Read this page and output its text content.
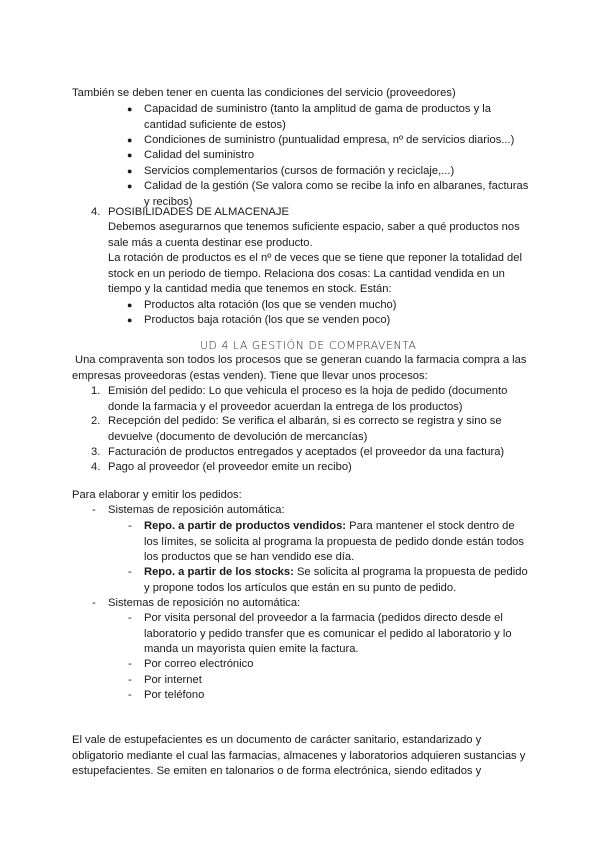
También se deben tener en cuenta las condiciones del servicio (proveedores)
● Capacidad de suministro (tanto la amplitud de gama de productos y la cantidad suficiente de estos)
● Condiciones de suministro (puntualidad empresa, nº de servicios diarios...)
● Calidad del suministro
● Servicios complementarios (cursos de formación y reciclaje,...)
● Calidad de la gestión (Se valora como se recibe la info en albaranes, facturas y recibos)
4. POSIBILIDADES DE ALMACENAJE
Debemos asegurarnos que tenemos suficiente espacio, saber a qué productos nos sale más a cuenta destinar ese producto.
La rotación de productos es el nº de veces que se tiene que reponer la totalidad del stock en un periodo de tiempo. Relaciona dos cosas: La cantidad vendida en un tiempo y la cantidad media que tenemos en stock. Están:
● Productos alta rotación (los que se venden mucho)
● Productos baja rotación (los que se venden poco)
UD 4 LA GESTIÓN DE COMPRAVENTA
Una compraventa son todos los procesos que se generan cuando la farmacia compra a las empresas proveedoras (estas venden). Tiene que llevar unos procesos:
1. Emisión del pedido: Lo que vehicula el proceso es la hoja de pedido (documento donde la farmacia y el proveedor acuerdan la entrega de los productos)
2. Recepción del pedido: Se verifica el albarán, si es correcto se registra y sino se devuelve (documento de devolución de mercancías)
3. Facturación de productos entregados y aceptados (el proveedor da una factura)
4. Pago al proveedor (el proveedor emite un recibo)
Para elaborar y emitir los pedidos:
- Sistemas de reposición automática:
- Repo. a partir de productos vendidos: Para mantener el stock dentro de los límites, se solicita al programa la propuesta de pedido donde están todos los productos que se han vendido ese día.
- Repo. a partir de los stocks: Se solicita al programa la propuesta de pedido y propone todos los artículos que están en su punto de pedido.
- Sistemas de reposición no automática:
- Por visita personal del proveedor a la farmacia (pedidos directo desde el laboratorio y pedido transfer que es comunicar el pedido al laboratorio y lo manda un mayorista quien emite la factura.
- Por correo electrónico
- Por internet
- Por teléfono
El vale de estupefacientes es un documento de carácter sanitario, estandarizado y obligatorio mediante el cual las farmacias, almacenes y laboratorios adquieren sustancias y estupefacientes. Se emiten en talonarios o de forma electrónica, siendo editados y
